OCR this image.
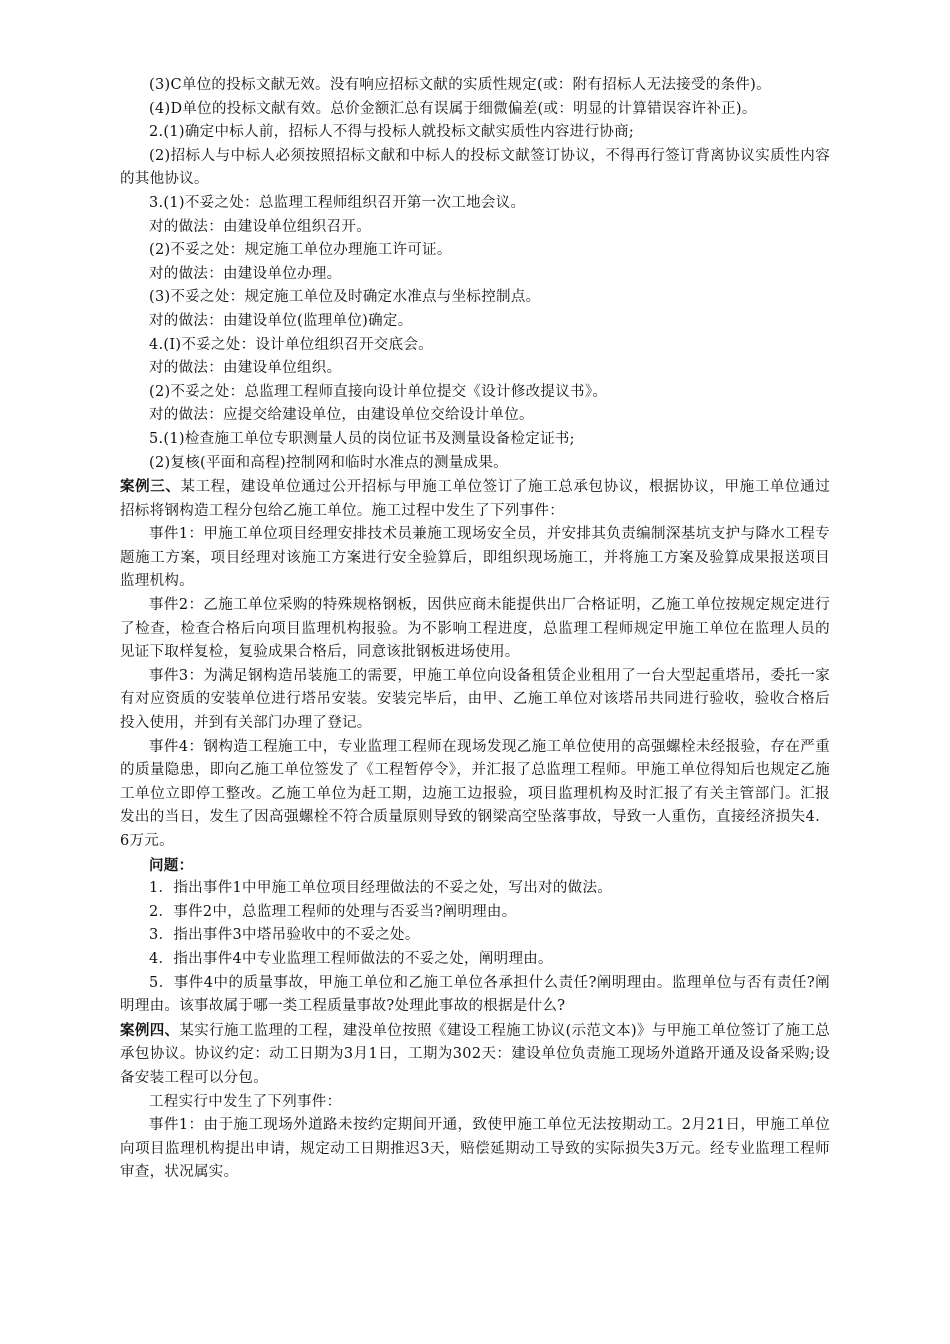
(3)C单位的投标文献无效。没有响应招标文献的实质性规定(或：附有招标人无法接受的条件)。

(4)D单位的投标文献有效。总价金额汇总有误属于细微偏差(或：明显的计算错误容许补正)。

2.(1)确定中标人前，招标人不得与投标人就投标文献实质性内容进行协商;

(2)招标人与中标人必须按照招标文献和中标人的投标文献签订协议，不得再行签订背离协议实质性内容的其他协议。

3.(1)不妥之处：总监理工程师组织召开第一次工地会议。

对的做法：由建设单位组织召开。

(2)不妥之处：规定施工单位办理施工许可证。

对的做法：由建设单位办理。

(3)不妥之处：规定施工单位及时确定水准点与坐标控制点。

对的做法：由建设单位(监理单位)确定。

4.(I)不妥之处：设计单位组织召开交底会。

对的做法：由建设单位组织。

(2)不妥之处：总监理工程师直接向设计单位提交《设计修改提议书》。

对的做法：应提交给建设单位，由建设单位交给设计单位。

5.(1)检查施工单位专职测量人员的岗位证书及测量设备检定证书;

(2)复核(平面和高程)控制网和临时水准点的测量成果。

案例三、某工程，建设单位通过公开招标与甲施工单位签订了施工总承包协议，根据协议，甲施工单位通过招标将钢构造工程分包给乙施工单位。施工过程中发生了下列事件：

事件1：甲施工单位项目经理安排技术员兼施工现场安全员，并安排其负责编制深基坑支护与降水工程专题施工方案，项目经理对该施工方案进行安全验算后，即组织现场施工，并将施工方案及验算成果报送项目监理机构。

事件2：乙施工单位采购的特殊规格钢板，因供应商未能提供出厂合格证明，乙施工单位按规定规定进行了检查，检查合格后向项目监理机构报验。为不影响工程进度，总监理工程师规定甲施工单位在监理人员的见证下取样复检，复验成果合格后，同意该批钢板进场使用。

事件3：为满足钢构造吊装施工的需要，甲施工单位向设备租赁企业租用了一台大型起重塔吊，委托一家有对应资质的安装单位进行塔吊安装。安装完毕后，由甲、乙施工单位对该塔吊共同进行验收，验收合格后投入使用，并到有关部门办理了登记。

事件4：钢构造工程施工中，专业监理工程师在现场发现乙施工单位使用的高强螺栓未经报验，存在严重的质量隐患，即向乙施工单位签发了《工程暂停令》，并汇报了总监理工程师。甲施工单位得知后也规定乙施工单位立即停工整改。乙施工单位为赶工期，边施工边报验，项目监理机构及时汇报了有关主管部门。汇报发出的当日，发生了因高强螺栓不符合质量原则导致的钢梁高空坠落事故，导致一人重伤，直接经济损失4．6万元。

问题：

1．指出事件1中甲施工单位项目经理做法的不妥之处，写出对的做法。

2．事件2中，总监理工程师的处理与否妥当?阐明理由。

3．指出事件3中塔吊验收中的不妥之处。

4．指出事件4中专业监理工程师做法的不妥之处，阐明理由。

5．事件4中的质量事故，甲施工单位和乙施工单位各承担什么责任?阐明理由。监理单位与否有责任?阐明理由。该事故属于哪一类工程质量事故?处理此事故的根据是什么?

案例四、某实行施工监理的工程，建没单位按照《建设工程施工协议(示范文本)》与甲施工单位签订了施工总承包协议。协议约定：动工日期为3月1日，工期为302天：建设单位负责施工现场外道路开通及设备采购;设备安装工程可以分包。

工程实行中发生了下列事件：

事件1：由于施工现场外道路未按约定期间开通，致使甲施工单位无法按期动工。2月21日，甲施工单位向项目监理机构提出申请，规定动工日期推迟3天，赔偿延期动工导致的实际损失3万元。经专业监理工程师审查，状况属实。
